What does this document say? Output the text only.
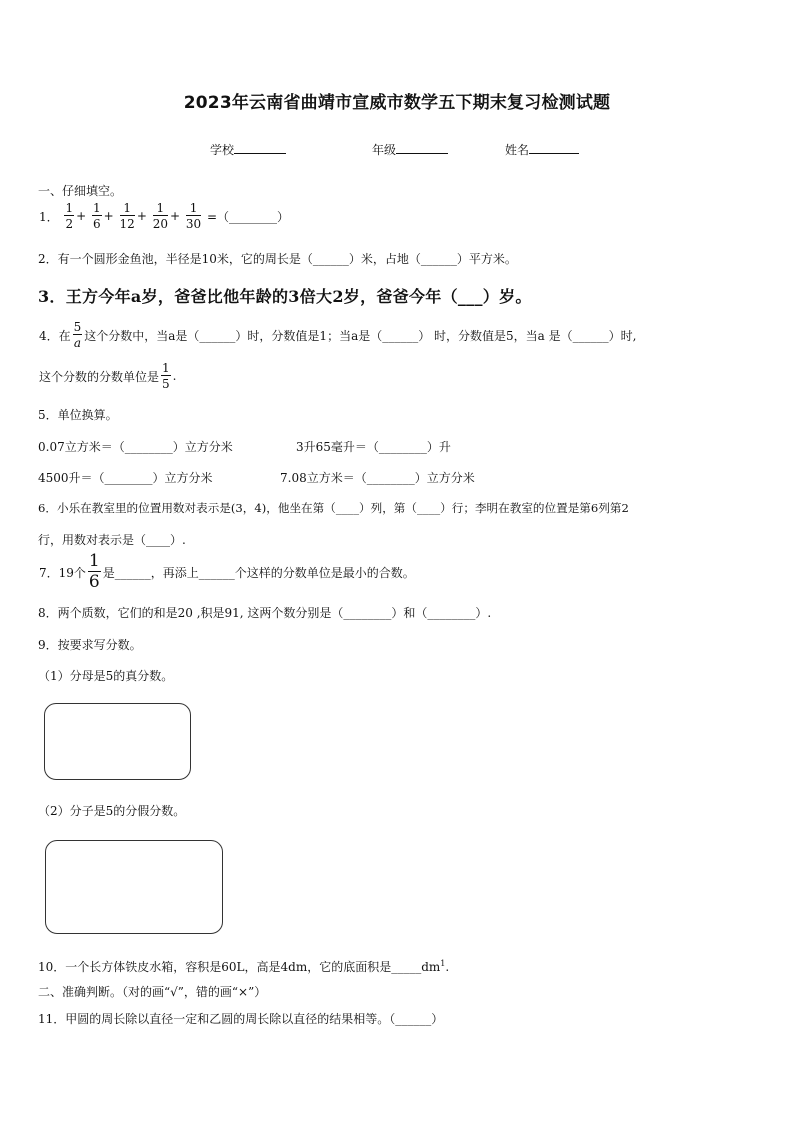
2023年云南省曲靖市宣威市数学五下期末复习检测试题
学校	年级	姓名
一、仔细填空。
1． $\frac{1}{2} + \frac{1}{6} + \frac{1}{12} + \frac{1}{20} + \frac{1}{30}$ =（________）
2．有一个圆形金鱼池，半径是10米，它的周长是（______）米，占地（______）平方米。
3．王方今年a岁，爸爸比他年龄的3倍大2岁，爸爸今年（___）岁。
4．在 $\frac{5}{a}$ 这个分数中，当a是（______）时，分数值是1；当a是（______） 时，分数值是5，当a 是（______）时,
这个分数的分数单位是 $\frac{1}{5}$ .
5．单位换算。
0.07立方米＝（________）立方分米	3升65毫升＝（________）升
4500升＝（________）立方分米	7.08立方米＝（________）立方分米
6．小乐在教室里的位置用数对表示是(3，4)，他坐在第（____）列，第（____）行；李明在教室的位置是第6列第2
行，用数对表示是（____）.
7．19个 $\frac{1}{6}$ 是______，再添上______个这样的分数单位是最小的合数。
8．两个质数，它们的和是20 ,积是91, 这两个数分别是（________）和（________）.
9．按要求写分数。
（1）分母是5的真分数。
（2）分子是5的分假分数。
10．一个长方体铁皮水箱，容积是60L，高是4dm，它的底面积是$\_\_\_\_\_dm^1$.
二、准确判断。（对的画“√”，错的画“×”）
11．甲圆的周长除以直径一定和乙圆的周长除以直径的结果相等。（______）
